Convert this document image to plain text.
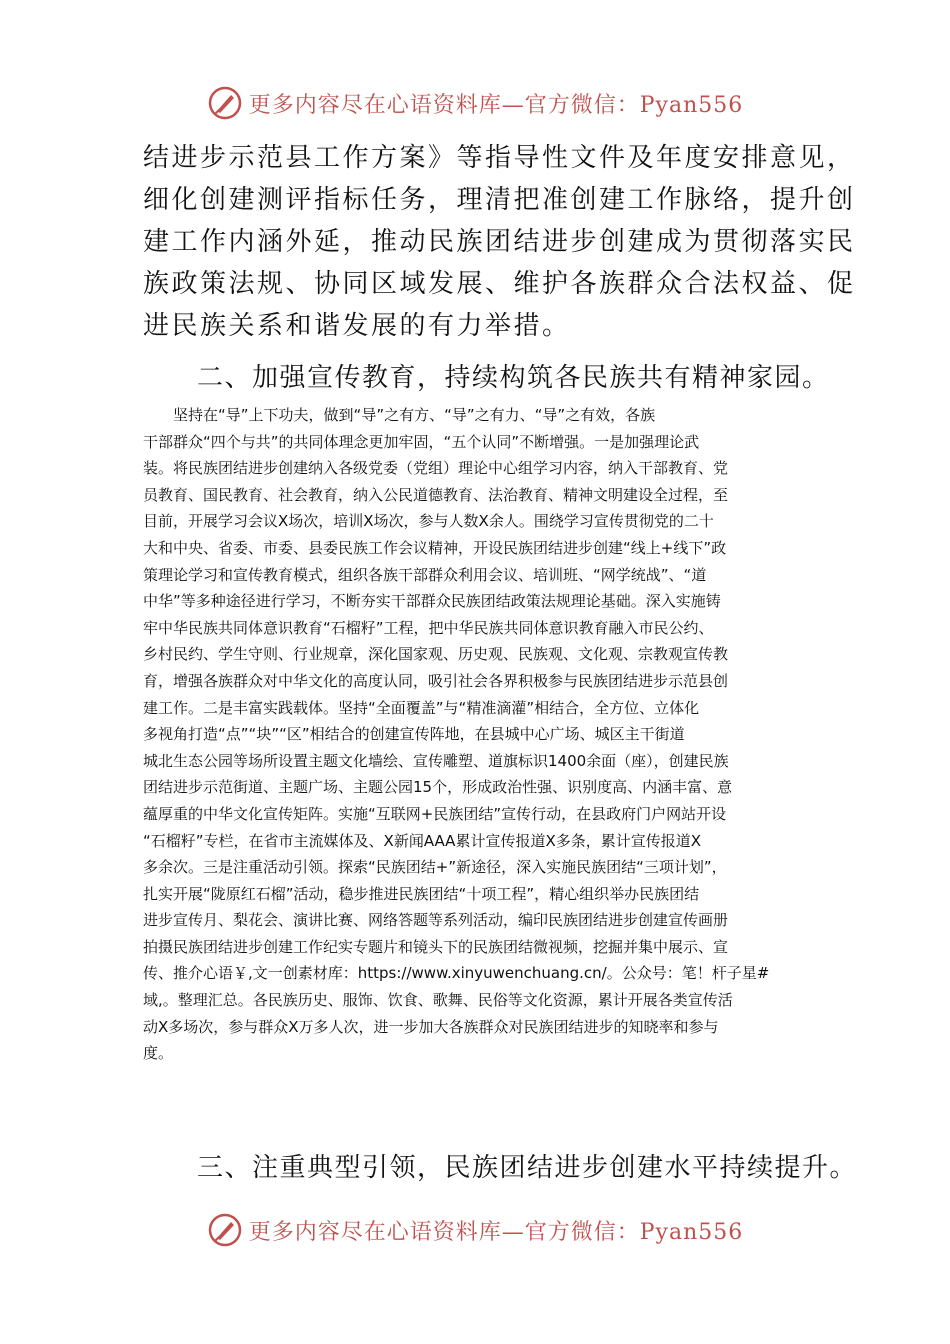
更多内容尽在心语资料库—官方微信：Pyan556

结进步示范县工作方案》等指导性文件及年度安排意见，

细化创建测评指标任务，理清把准创建工作脉络，提升创

建工作内涵外延，推动民族团结进步创建成为贯彻落实民

族政策法规、协同区域发展、维护各族群众合法权益、促

进民族关系和谐发展的有力举措。

二、加强宣传教育，持续构筑各民族共有精神家园。

　　坚持在“导”上下功夫，做到“导”之有方、“导”之有力、“导”之有效，各族

干部群众“四个与共”的共同体理念更加牢固，“五个认同”不断增强。一是加强理论武

装。将民族团结进步创建纳入各级党委（党组）理论中心组学习内容，纳入干部教育、党

员教育、国民教育、社会教育，纳入公民道德教育、法治教育、精神文明建设全过程，至

目前，开展学习会议X场次，培训X场次，参与人数X余人。围绕学习宣传贯彻党的二十

大和中央、省委、市委、县委民族工作会议精神，开设民族团结进步创建“线上+线下”政

策理论学习和宣传教育模式，组织各族干部群众利用会议、培训班、“网学统战”、“道

中华”等多种途径进行学习，不断夯实干部群众民族团结政策法规理论基础。深入实施铸

牢中华民族共同体意识教育“石榴籽”工程，把中华民族共同体意识教育融入市民公约、

乡村民约、学生守则、行业规章，深化国家观、历史观、民族观、文化观、宗教观宣传教

育，增强各族群众对中华文化的高度认同，吸引社会各界积极参与民族团结进步示范县创

建工作。二是丰富实践载体。坚持“全面覆盖”与“精准滴灌”相结合，全方位、立体化

多视角打造“点”“块”“区”相结合的创建宣传阵地，在县城中心广场、城区主干街道

城北生态公园等场所设置主题文化墙绘、宣传雕塑、道旗标识1400余面（座），创建民族

团结进步示范街道、主题广场、主题公园15个，形成政治性强、识别度高、内涵丰富、意

蕴厚重的中华文化宣传矩阵。实施“互联网+民族团结”宣传行动，在县政府门户网站开设

“石榴籽”专栏，在省市主流媒体及、X新闻AAA累计宣传报道X多条，累计宣传报道X

多余次。三是注重活动引领。探索“民族团结+”新途径，深入实施民族团结“三项计划”，

扎实开展“陇原红石榴”活动，稳步推进民族团结“十项工程”，精心组织举办民族团结

进步宣传月、梨花会、演讲比赛、网络答题等系列活动，编印民族团结进步创建宣传画册

拍摄民族团结进步创建工作纪实专题片和镜头下的民族团结微视频，挖掘并集中展示、宣

传、推介心语￥,文一创素材库：https://www.xinyuwenchuang.cn/。公众号：笔！杆子星#

域,。整理汇总。各民族历史、服饰、饮食、歌舞、民俗等文化资源，累计开展各类宣传活

动X多场次，参与群众X万多人次，进一步加大各族群众对民族团结进步的知晓率和参与

度。

三、注重典型引领，民族团结进步创建水平持续提升。
更多内容尽在心语资料库—官方微信：Pyan556
